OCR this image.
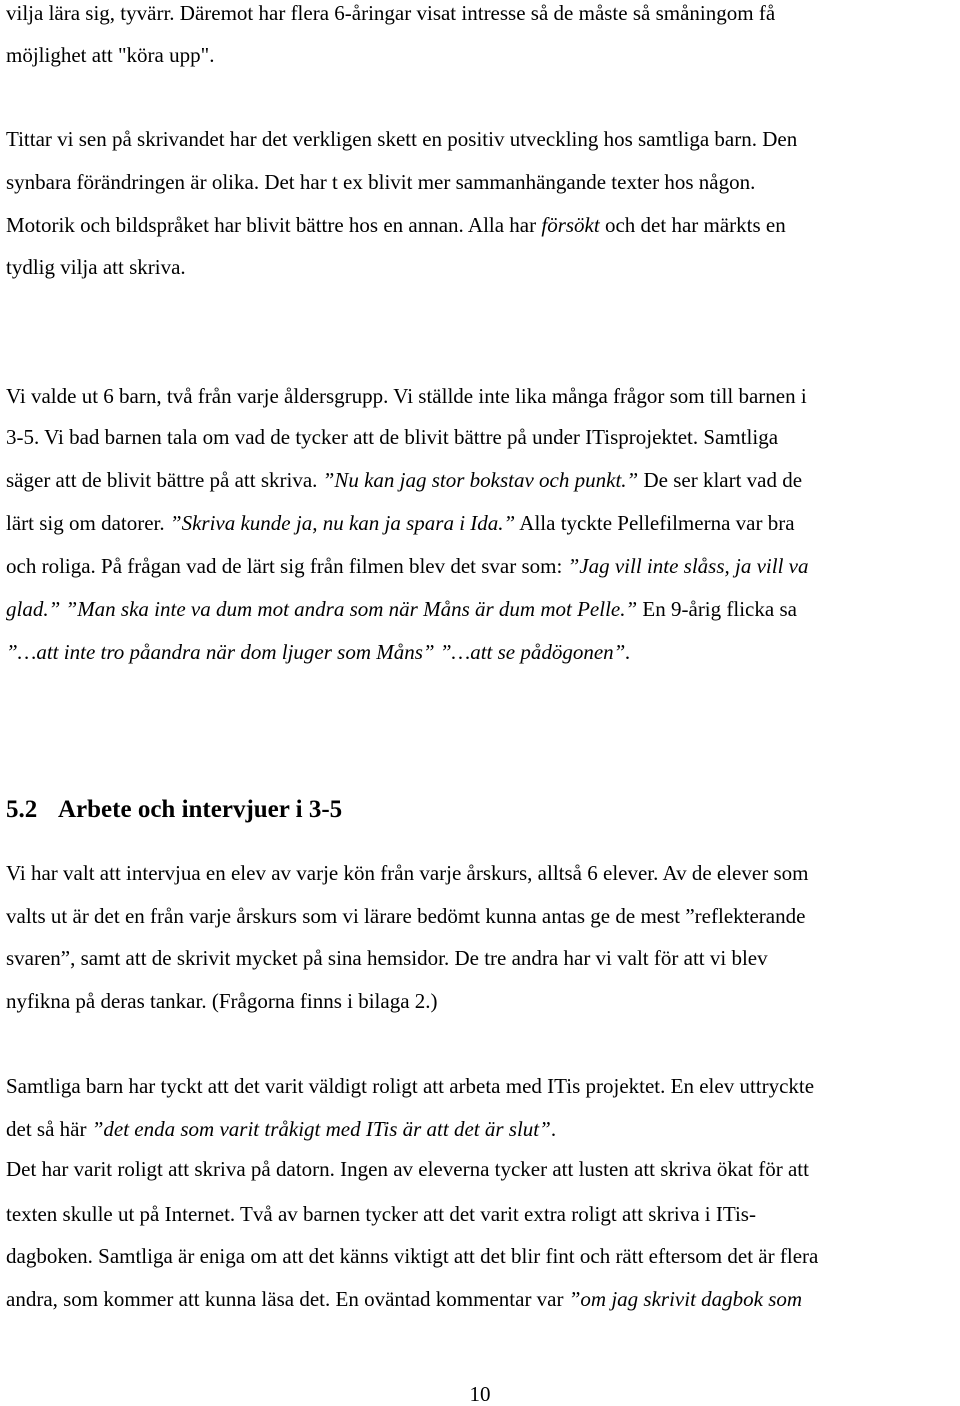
vilja lära sig, tyvärr. Däremot har flera 6-åringar visat intresse så de måste så småningom få
möjlighet att "köra upp".
Tittar vi sen på skrivandet har det verkligen skett en positiv utveckling hos samtliga barn. Den
synbara förändringen är olika. Det har t ex blivit mer sammanhängande texter hos någon.
Motorik och bildspråket har blivit bättre hos en annan. Alla har försökt och det har märkts en
tydlig vilja att skriva.
Vi valde ut 6 barn, två från varje åldersgrupp. Vi ställde inte lika många frågor som till barnen i
3-5. Vi bad barnen tala om vad de tycker att de blivit bättre på under ITisprojektet. Samtliga
säger att de blivit bättre på att skriva. ”Nu kan jag stor bokstav och punkt.” De ser klart vad de
lärt sig om datorer. ”Skriva kunde ja, nu kan ja spara i Ida.” Alla tyckte Pellefilmerna var bra
och roliga. På frågan vad de lärt sig från filmen blev det svar som: ”Jag vill inte slåss, ja vill va
glad.” ”Man ska inte va dum mot andra som när Måns är dum mot Pelle.” En 9-årig flicka sa
”…att inte tro påandra när dom ljuger som Måns” ”…att se pådögonen”.
5.2 Arbete och intervjuer i 3-5
Vi har valt att intervjua en elev av varje kön från varje årskurs, alltså 6 elever. Av de elever som
valts ut är det en från varje årskurs som vi lärare bedömt kunna antas ge de mest ”reflekterande
svaren”, samt att de skrivit mycket på sina hemsidor. De tre andra har vi valt för att vi blev
nyfikna på deras tankar. (Frågorna finns i bilaga 2.)
Samtliga barn har tyckt att det varit väldigt roligt att arbeta med ITis projektet. En elev uttryckte
det så här ”det enda som varit tråkigt med ITis är att det är slut”.
Det har varit roligt att skriva på datorn. Ingen av eleverna tycker att lusten att skriva ökat för att
texten skulle ut på Internet. Två av barnen tycker att det varit extra roligt att skriva i ITis-
dagboken. Samtliga är eniga om att det känns viktigt att det blir fint och rätt eftersom det är flera
andra, som kommer att kunna läsa det. En oväntad kommentar var ”om jag skrivit dagbok som
10
